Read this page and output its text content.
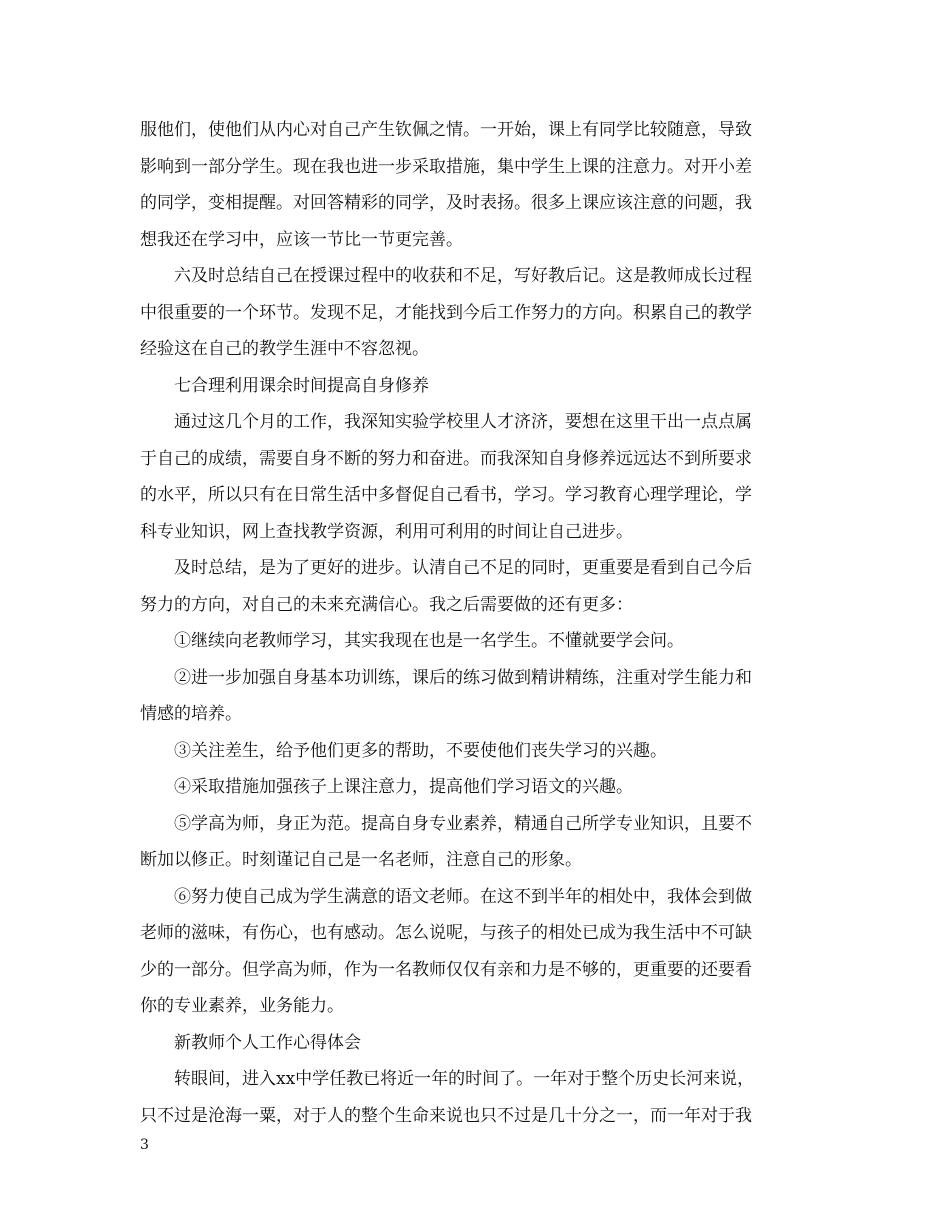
服他们，使他们从内心对自己产生钦佩之情。一开始，课上有同学比较随意，导致
影响到一部分学生。现在我也进一步采取措施，集中学生上课的注意力。对开小差
的同学，变相提醒。对回答精彩的同学，及时表扬。很多上课应该注意的问题，我
想我还在学习中，应该一节比一节更完善。
六及时总结自己在授课过程中的收获和不足，写好教后记。这是教师成长过程
中很重要的一个环节。发现不足，才能找到今后工作努力的方向。积累自己的教学
经验这在自己的教学生涯中不容忽视。
七合理利用课余时间提高自身修养
通过这几个月的工作，我深知实验学校里人才济济，要想在这里干出一点点属
于自己的成绩，需要自身不断的努力和奋进。而我深知自身修养远远达不到所要求
的水平，所以只有在日常生活中多督促自己看书，学习。学习教育心理学理论，学
科专业知识，网上查找教学资源，利用可利用的时间让自己进步。
及时总结，是为了更好的进步。认清自己不足的同时，更重要是看到自己今后
努力的方向，对自己的未来充满信心。我之后需要做的还有更多：
①继续向老教师学习，其实我现在也是一名学生。不懂就要学会问。
②进一步加强自身基本功训练，课后的练习做到精讲精练，注重对学生能力和
情感的培养。
③关注差生，给予他们更多的帮助，不要使他们丧失学习的兴趣。
④采取措施加强孩子上课注意力，提高他们学习语文的兴趣。
⑤学高为师，身正为范。提高自身专业素养，精通自己所学专业知识，且要不
断加以修正。时刻谨记自己是一名老师，注意自己的形象。
⑥努力使自己成为学生满意的语文老师。在这不到半年的相处中，我体会到做
老师的滋味，有伤心，也有感动。怎么说呢，与孩子的相处已成为我生活中不可缺
少的一部分。但学高为师，作为一名教师仅仅有亲和力是不够的，更重要的还要看
你的专业素养，业务能力。
新教师个人工作心得体会
转眼间，进入xx中学任教已将近一年的时间了。一年对于整个历史长河来说，
只不过是沧海一粟，对于人的整个生命来说也只不过是几十分之一，而一年对于我
3
